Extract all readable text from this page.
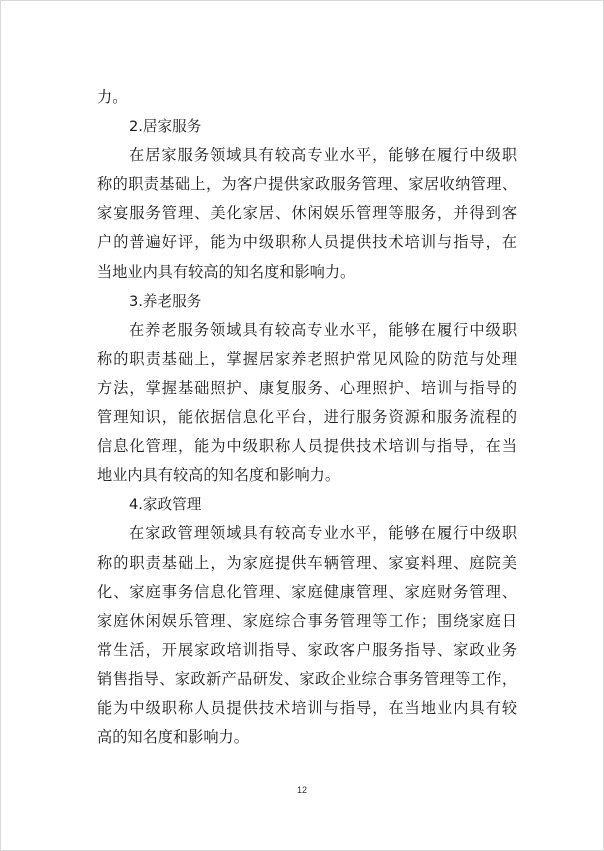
力。
2.居家服务
在居家服务领域具有较高专业水平，能够在履行中级职
称的职责基础上，为客户提供家政服务管理、家居收纳管理、
家宴服务管理、美化家居、休闲娱乐管理等服务，并得到客
户的普遍好评，能为中级职称人员提供技术培训与指导，在
当地业内具有较高的知名度和影响力。
3.养老服务
在养老服务领域具有较高专业水平，能够在履行中级职
称的职责基础上，掌握居家养老照护常见风险的防范与处理
方法，掌握基础照护、康复服务、心理照护、培训与指导的
管理知识，能依据信息化平台，进行服务资源和服务流程的
信息化管理，能为中级职称人员提供技术培训与指导，在当
地业内具有较高的知名度和影响力。
4.家政管理
在家政管理领域具有较高专业水平，能够在履行中级职
称的职责基础上，为家庭提供车辆管理、家宴料理、庭院美
化、家庭事务信息化管理、家庭健康管理、家庭财务管理、
家庭休闲娱乐管理、家庭综合事务管理等工作；围绕家庭日
常生活，开展家政培训指导、家政客户服务指导、家政业务
销售指导、家政新产品研发、家政企业综合事务管理等工作，
能为中级职称人员提供技术培训与指导，在当地业内具有较
高的知名度和影响力。
12
